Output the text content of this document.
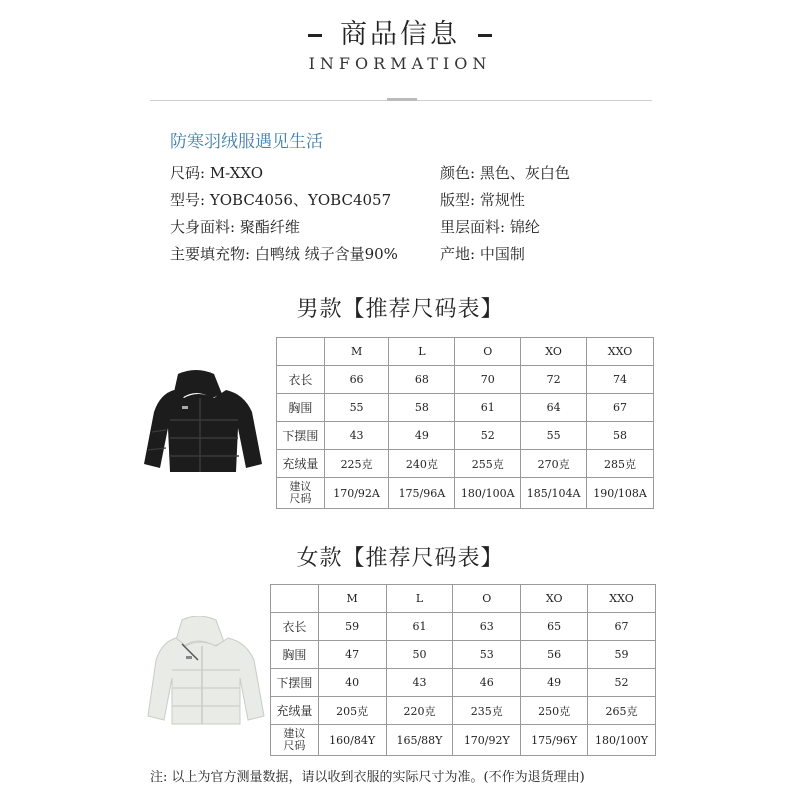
商品信息
INFORMATION
防寒羽绒服遇见生活
尺码: M-XXO	颜色: 黑色、灰白色
型号: YOBC4056、YOBC4057	版型: 常规性
大身面料: 聚酯纤维	里层面料: 锦纶
主要填充物: 白鸭绒 绒子含量90%	产地: 中国制
男款【推荐尺码表】
	M	L	O	XO	XXO
衣长	66	68	70	72	74
胸围	55	58	61	64	67
下摆围	43	49	52	55	58
充绒量	225克	240克	255克	270克	285克
建议
尺码	170/92A	175/96A	180/100A	185/104A	190/108A
女款【推荐尺码表】
	M	L	O	XO	XXO
衣长	59	61	63	65	67
胸围	47	50	53	56	59
下摆围	40	43	46	49	52
充绒量	205克	220克	235克	250克	265克
建议
尺码	160/84Y	165/88Y	170/92Y	175/96Y	180/100Y
注: 以上为官方测量数据，请以收到衣服的实际尺寸为准。(不作为退货理由)
